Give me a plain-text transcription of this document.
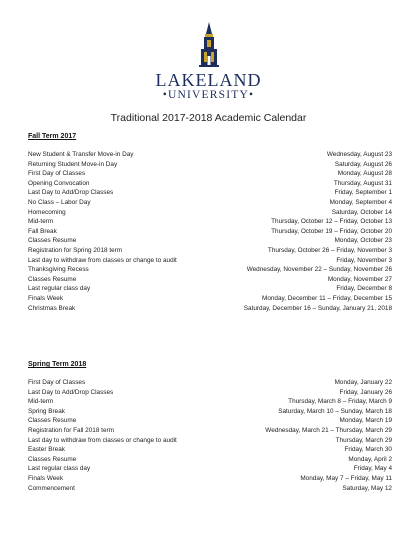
LAKELAND
•UNIVERSITY•
Traditional 2017-2018 Academic Calendar
Fall Term 2017
New Student & Transfer Move-in Day	Wednesday, August 23
Returning Student Move-in Day	Saturday, August 26
First Day of Classes	Monday, August 28
Opening Convocation	Thursday, August 31
Last Day to Add/Drop Classes	Friday, September 1
No Class – Labor Day	Monday, September 4
Homecoming	Saturday, October 14
Mid-term	Thursday, October 12 – Friday, October 13
Fall Break	Thursday, October 19 – Friday, October 20
Classes Resume	Monday, October 23
Registration for Spring 2018 term	Thursday, October 26 – Friday, November 3
Last day to withdraw from classes or change to audit	Friday, November 3
Thanksgiving Recess	Wednesday, November 22 – Sunday, November 26
Classes Resume	Monday, November 27
Last regular class day	Friday, December 8
Finals Week	Monday, December 11 – Friday, December 15
Christmas Break	Saturday, December 16 – Sunday, January 21, 2018
Spring Term 2018
First Day of Classes	Monday, January 22
Last Day to Add/Drop Classes	Friday, January 26
Mid-term	Thursday, March 8 – Friday, March 9
Spring Break	Saturday, March 10 – Sunday, March 18
Classes Resume	Monday, March 19
Registration for Fall 2018 term	Wednesday, March 21 – Thursday, March 29
Last day to withdraw from classes or change to audit	Thursday, March 29
Easter Break	Friday, March 30
Classes Resume	Monday, April 2
Last regular class day	Friday, May 4
Finals Week	Monday, May 7 – Friday, May 11
Commencement	Saturday, May 12
